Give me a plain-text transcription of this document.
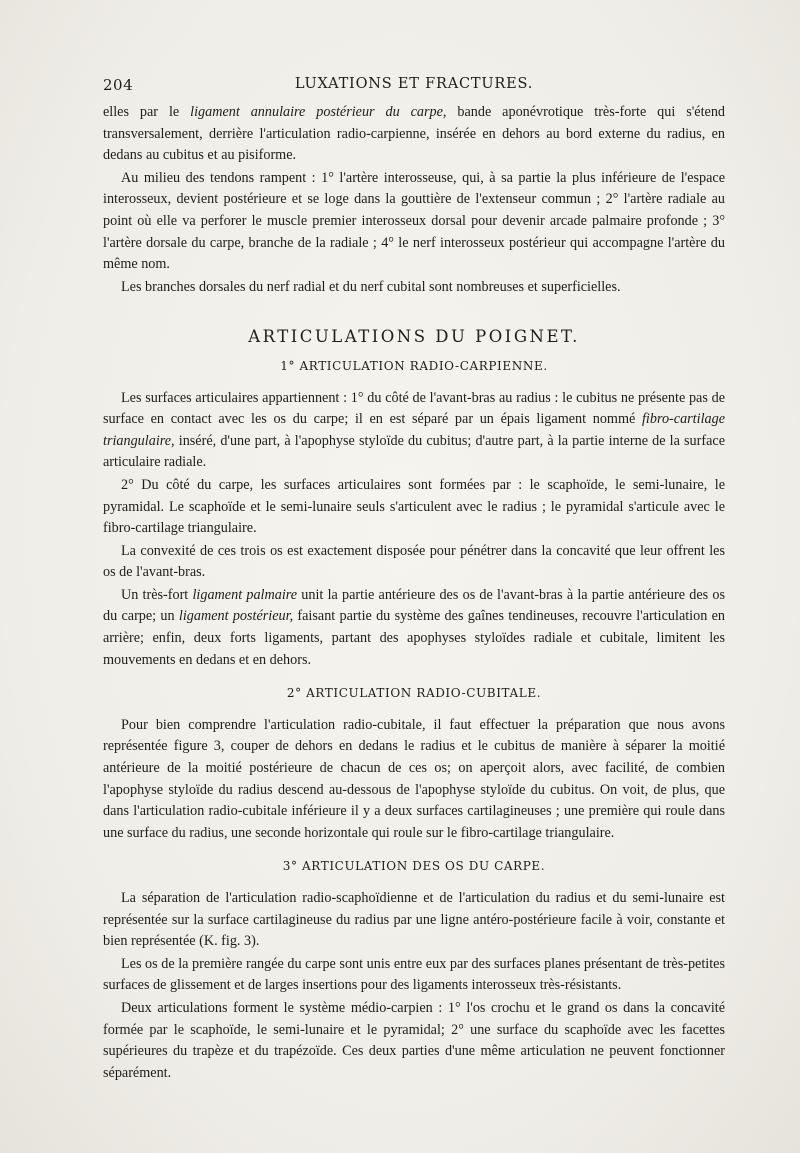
204	LUXATIONS ET FRACTURES.

elles par le ligament annulaire postérieur du carpe, bande aponévrotique très-forte qui s'étend transversalement, derrière l'articulation radio-carpienne, insérée en dehors au bord externe du radius, en dedans au cubitus et au pisiforme.

Au milieu des tendons rampent : 1° l'artère interosseuse, qui, à sa partie la plus inférieure de l'espace interosseux, devient postérieure et se loge dans la gouttière de l'extenseur commun ; 2° l'artère radiale au point où elle va perforer le muscle premier interosseux dorsal pour devenir arcade palmaire profonde ; 3° l'artère dorsale du carpe, branche de la radiale ; 4° le nerf interosseux postérieur qui accompagne l'artère du même nom.

Les branches dorsales du nerf radial et du nerf cubital sont nombreuses et superficielles.

ARTICULATIONS DU POIGNET.
1° ARTICULATION RADIO-CARPIENNE.

Les surfaces articulaires appartiennent : 1° du côté de l'avant-bras au radius : le cubitus ne présente pas de surface en contact avec les os du carpe; il en est séparé par un épais ligament nommé fibro-cartilage triangulaire, inséré, d'une part, à l'apophyse styloïde du cubitus; d'autre part, à la partie interne de la surface articulaire radiale.

2° Du côté du carpe, les surfaces articulaires sont formées par : le scaphoïde, le semi-lunaire, le pyramidal. Le scaphoïde et le semi-lunaire seuls s'articulent avec le radius ; le pyramidal s'articule avec le fibro-cartilage triangulaire.

La convexité de ces trois os est exactement disposée pour pénétrer dans la concavité que leur offrent les os de l'avant-bras.

Un très-fort ligament palmaire unit la partie antérieure des os de l'avant-bras à la partie antérieure des os du carpe; un ligament postérieur, faisant partie du système des gaînes tendineuses, recouvre l'articulation en arrière; enfin, deux forts ligaments, partant des apophyses styloïdes radiale et cubitale, limitent les mouvements en dedans et en dehors.

2° ARTICULATION RADIO-CUBITALE.

Pour bien comprendre l'articulation radio-cubitale, il faut effectuer la préparation que nous avons représentée figure 3, couper de dehors en dedans le radius et le cubitus de manière à séparer la moitié antérieure de la moitié postérieure de chacun de ces os; on aperçoit alors, avec facilité, de combien l'apophyse styloïde du radius descend au-dessous de l'apophyse styloïde du cubitus. On voit, de plus, que dans l'articulation radio-cubitale inférieure il y a deux surfaces cartilagineuses ; une première qui roule dans une surface du radius, une seconde horizontale qui roule sur le fibro-cartilage triangulaire.

3° ARTICULATION DES OS DU CARPE.

La séparation de l'articulation radio-scaphoïdienne et de l'articulation du radius et du semi-lunaire est représentée sur la surface cartilagineuse du radius par une ligne antéro-postérieure facile à voir, constante et bien représentée (K. fig. 3).

Les os de la première rangée du carpe sont unis entre eux par des surfaces planes présentant de très-petites surfaces de glissement et de larges insertions pour des ligaments interosseux très-résistants.

Deux articulations forment le système médio-carpien : 1° l'os crochu et le grand os dans la concavité formée par le scaphoïde, le semi-lunaire et le pyramidal; 2° une surface du scaphoïde avec les facettes supérieures du trapèze et du trapézoïde. Ces deux parties d'une même articulation ne peuvent fonctionner séparément.
